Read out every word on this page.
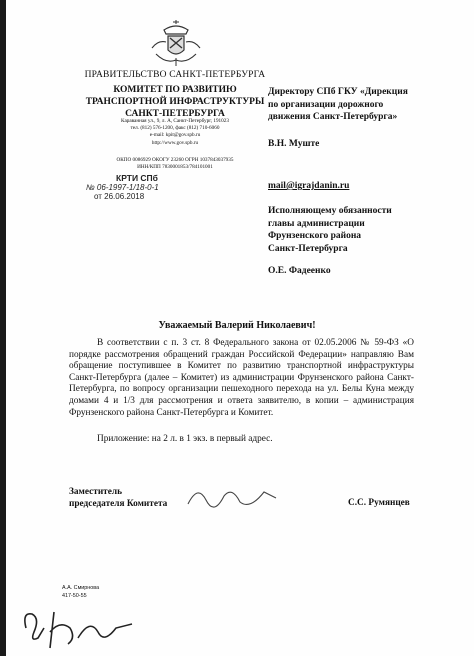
ПРАВИТЕЛЬСТВО САНКТ-ПЕТЕРБУРГА
КОМИТЕТ ПО РАЗВИТИЮ
ТРАНСПОРТНОЙ ИНФРАСТРУКТУРЫ
САНКТ-ПЕТЕРБУРГА
Караванная ул., 9, л. А, Санкт-Петербург, 191023
тел. (812) 576-1200, факс (812) 710-6060
e-mail: kpit@gov.spb.ru
http://www.gov.spb.ru
ОКПО 0086929 ОКОГУ 23260 ОГРН 1037843037935
ИНН/КПП 7830001853/784101001
КРТИ СПб
№ 06-1997-1/18-0-1
от 26.06.2018
Директору СПб ГКУ «Дирекция
по организации дорожного
движения Санкт-Петербурга»
В.Н. Муште
mail@igrajdanin.ru
Исполняющему обязанности
главы администрации
Фрунзенского района
Санкт-Петербурга
О.Е. Фадеенко
Уважаемый Валерий Николаевич!

В соответствии с п. 3 ст. 8 Федерального закона от 02.05.2006 № 59-ФЗ «О порядке рассмотрения обращений граждан Российской Федерации» направляю Вам обращение поступившее в Комитет по развитию транспортной инфраструктуры Санкт-Петербурга (далее – Комитет) из администрации Фрунзенского района Санкт-Петербурга, по вопросу организации пешеходного перехода на ул. Белы Куна между домами 4 и 1/3 для рассмотрения и ответа заявителю, в копии – администрация Фрунзенского района Санкт-Петербурга и Комитет.

Приложение: на 2 л. в 1 экз. в первый адрес.
Заместитель
председателя Комитета	С.С. Румянцев
А.А. Смирнова
417-50-55
